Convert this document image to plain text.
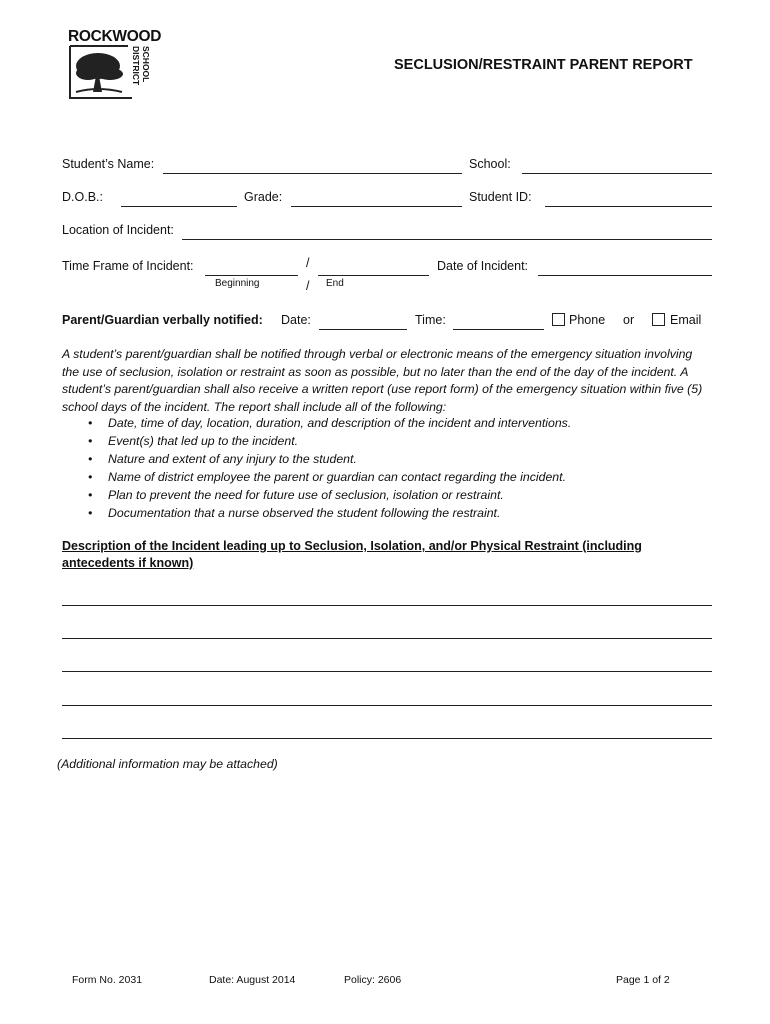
ROCKWOOD
SCHOOL DISTRICT	SECLUSION/RESTRAINT PARENT REPORT
Student’s Name:	School:
D.O.B.:	Grade:	Student ID:
Location of Incident:
Time Frame of Incident:	/
Beginning	/ End
Date of Incident:
Parent/Guardian verbally notified: Date:	Time:	Phone or	Email
A student’s parent/guardian shall be notified through verbal or electronic means of the emergency situation involving the use of seclusion, isolation or restraint as soon as possible, but no later than the end of the day of the incident. A student’s parent/guardian shall also receive a written report (use report form) of the emergency situation within five (5) school days of the incident. The report shall include all of the following:
• Date, time of day, location, duration, and description of the incident and interventions.
• Event(s) that led up to the incident.
• Nature and extent of any injury to the student.
• Name of district employee the parent or guardian can contact regarding the incident.
• Plan to prevent the need for future use of seclusion, isolation or restraint.
• Documentation that a nurse observed the student following the restraint.
Description of the Incident leading up to Seclusion, Isolation, and/or Physical Restraint (including antecedents if known)
(Additional information may be attached)
Form No. 2031	Date: August 2014	Policy: 2606	Page 1 of 2
